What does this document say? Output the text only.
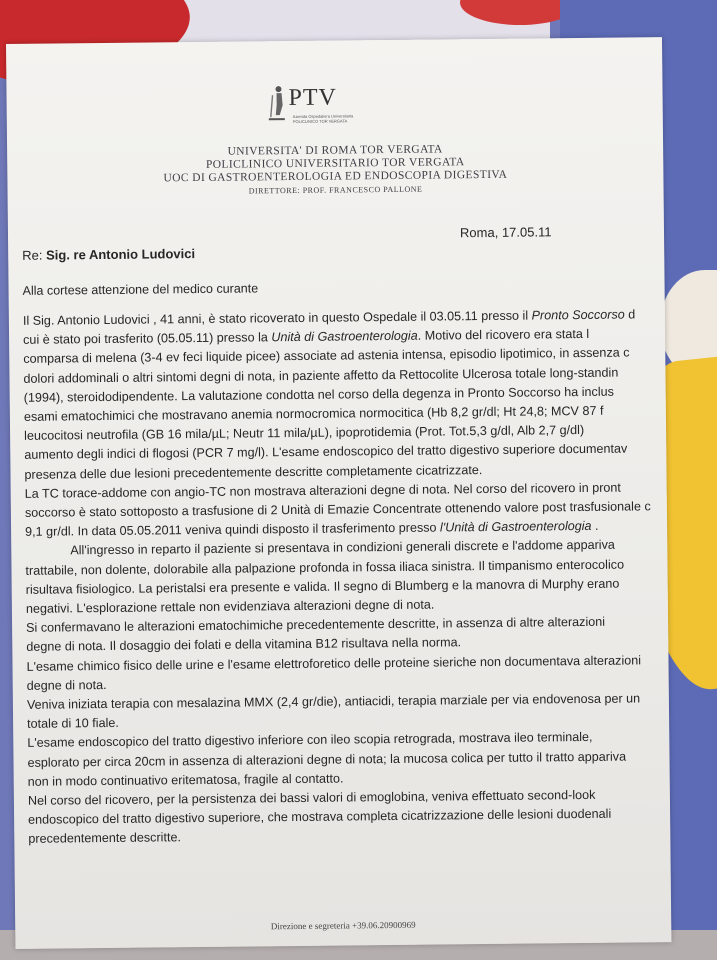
PTV
Azienda Ospedaliera Universitaria
POLICLINICO TOR VERGATA
UNIVERSITA' DI ROMA TOR VERGATA
POLICLINICO UNIVERSITARIO TOR VERGATA
UOC DI GASTROENTEROLOGIA ED ENDOSCOPIA DIGESTIVA
DIRETTORE: PROF. FRANCESCO PALLONE
Roma, 17.05.11
Re: Sig. re Antonio Ludovici
Alla cortese attenzione del medico curante
Il Sig. Antonio Ludovici , 41 anni, è stato ricoverato in questo Ospedale il 03.05.11 presso il Pronto Soccorso d
cui è stato poi trasferito (05.05.11) presso la Unità di Gastroenterologia. Motivo del ricovero era stata l
comparsa di melena (3-4 ev feci liquide picee) associate ad astenia intensa, episodio lipotimico, in assenza c
dolori addominali o altri sintomi degni di nota, in paziente affetto da Rettocolite Ulcerosa totale long-standin
(1994), steroidodipendente. La valutazione condotta nel corso della degenza in Pronto Soccorso ha inclus
esami ematochimici che mostravano anemia normocromica normocitica (Hb 8,2 gr/dl; Ht 24,8; MCV 87 f
leucocitosi neutrofila (GB 16 mila/µL; Neutr 11 mila/µL), ipoprotidemia (Prot. Tot.5,3 g/dl, Alb 2,7 g/dl)
aumento degli indici di flogosi (PCR 7 mg/l). L'esame endoscopico del tratto digestivo superiore documentav
presenza delle due lesioni precedentemente descritte completamente cicatrizzate.
La TC torace-addome con angio-TC non mostrava alterazioni degne di nota. Nel corso del ricovero in pront
soccorso è stato sottoposto a trasfusione di 2 Unità di Emazie Concentrate ottenendo valore post trasfusionale c
9,1 gr/dl. In data 05.05.2011 veniva quindi disposto il trasferimento presso l'Unità di Gastroenterologia .
All'ingresso in reparto il paziente si presentava in condizioni generali discrete e l'addome appariva
trattabile, non dolente, dolorabile alla palpazione profonda in fossa iliaca sinistra. Il timpanismo enterocolico
risultava fisiologico. La peristalsi era presente e valida. Il segno di Blumberg e la manovra di Murphy erano
negativi. L'esplorazione rettale non evidenziava alterazioni degne di nota.
Si confermavano le alterazioni ematochimiche precedentemente descritte, in assenza di altre alterazioni
degne di nota. Il dosaggio dei folati e della vitamina B12 risultava nella norma.
L'esame chimico fisico delle urine e l'esame elettroforetico delle proteine sieriche non documentava alterazioni
degne di nota.
Veniva iniziata terapia con mesalazina MMX (2,4 gr/die), antiacidi, terapia marziale per via endovenosa per un
totale di 10 fiale.
L'esame endoscopico del tratto digestivo inferiore con ileo scopia retrograda, mostrava ileo terminale,
esplorato per circa 20cm in assenza di alterazioni degne di nota; la mucosa colica per tutto il tratto appariva
non in modo continuativo eritematosa, fragile al contatto.
Nel corso del ricovero, per la persistenza dei bassi valori di emoglobina, veniva effettuato second-look
endoscopico del tratto digestivo superiore, che mostrava completa cicatrizzazione delle lesioni duodenali
precedentemente descritte.
Direzione e segreteria +39.06.20900969
